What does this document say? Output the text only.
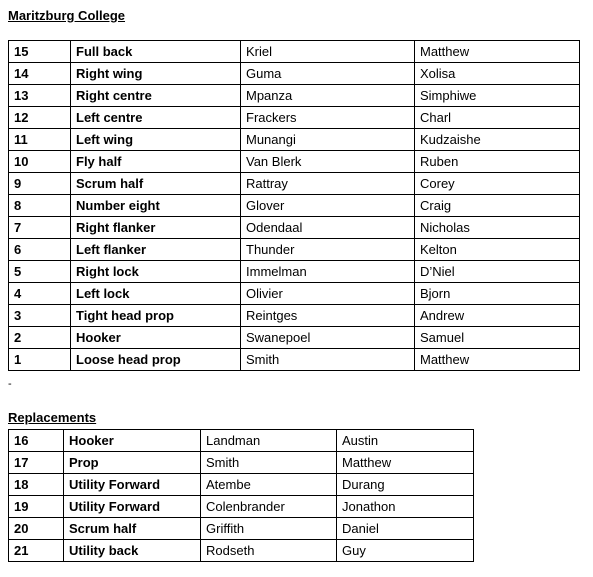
Maritzburg College
15	Full back	Kriel	Matthew
14	Right wing	Guma	Xolisa
13	Right centre	Mpanza	Simphiwe
12	Left centre	Frackers	Charl
11	Left wing	Munangi	Kudzaishe
10	Fly half	Van Blerk	Ruben
9	Scrum half	Rattray	Corey
8	Number eight	Glover	Craig
7	Right flanker	Odendaal	Nicholas
6	Left flanker	Thunder	Kelton
5	Right lock	Immelman	D’Niel
4	Left lock	Olivier	Bjorn
3	Tight head prop	Reintges	Andrew
2	Hooker	Swanepoel	Samuel
1	Loose head prop	Smith	Matthew
-
Replacements
16	Hooker	Landman	Austin
17	Prop	Smith	Matthew
18	Utility Forward	Atembe	Durang
19	Utility Forward	Colenbrander	Jonathon
20	Scrum half	Griffith	Daniel
21	Utility back	Rodseth	Guy
